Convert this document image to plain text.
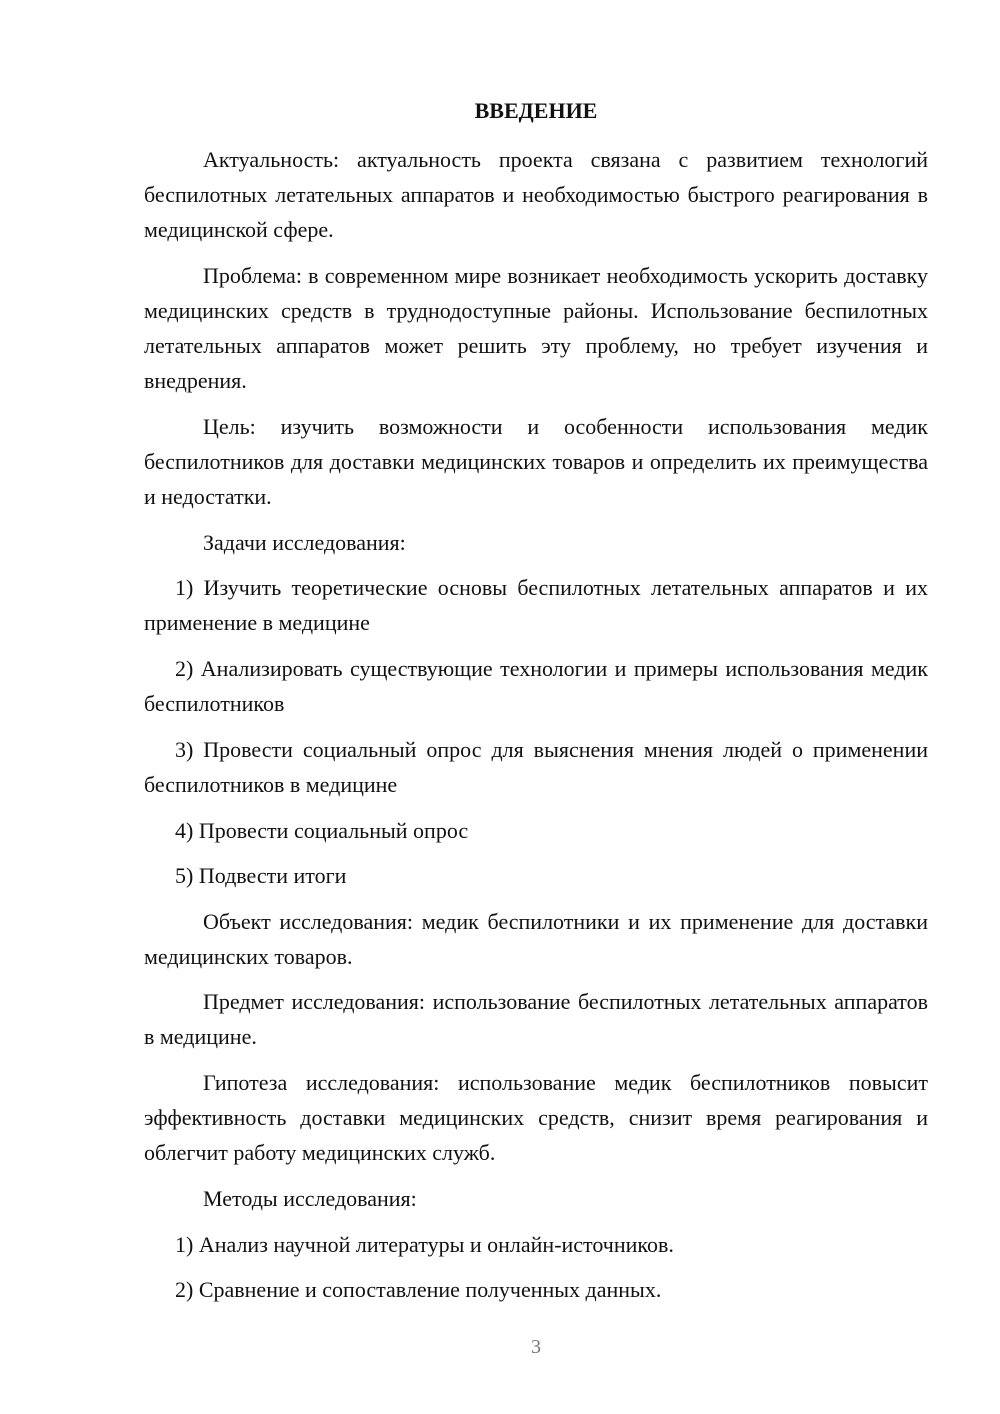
ВВЕДЕНИЕ

Актуальность: актуальность проекта связана с развитием технологий беспилотных летательных аппаратов и необходимостью быстрого реагирования в медицинской сфере.

Проблема: в современном мире возникает необходимость ускорить доставку медицинских средств в труднодоступные районы. Использование беспилотных летательных аппаратов может решить эту проблему, но требует изучения и внедрения.

Цель: изучить возможности и особенности использования медик беспилотников для доставки медицинских товаров и определить их преимущества и недостатки.

Задачи исследования:

1) Изучить теоретические основы беспилотных летательных аппаратов и их применение в медицине

2) Анализировать существующие технологии и примеры использования медик беспилотников

3) Провести социальный опрос для выяснения мнения людей о применении беспилотников в медицине

4) Провести социальный опрос

5) Подвести итоги

Объект исследования: медик беспилотники и их применение для доставки медицинских товаров.

Предмет исследования: использование беспилотных летательных аппаратов в медицине.

Гипотеза исследования: использование медик беспилотников повысит эффективность доставки медицинских средств, снизит время реагирования и облегчит работу медицинских служб.

Методы исследования:

1) Анализ научной литературы и онлайн-источников.

2) Сравнение и сопоставление полученных данных.

3
